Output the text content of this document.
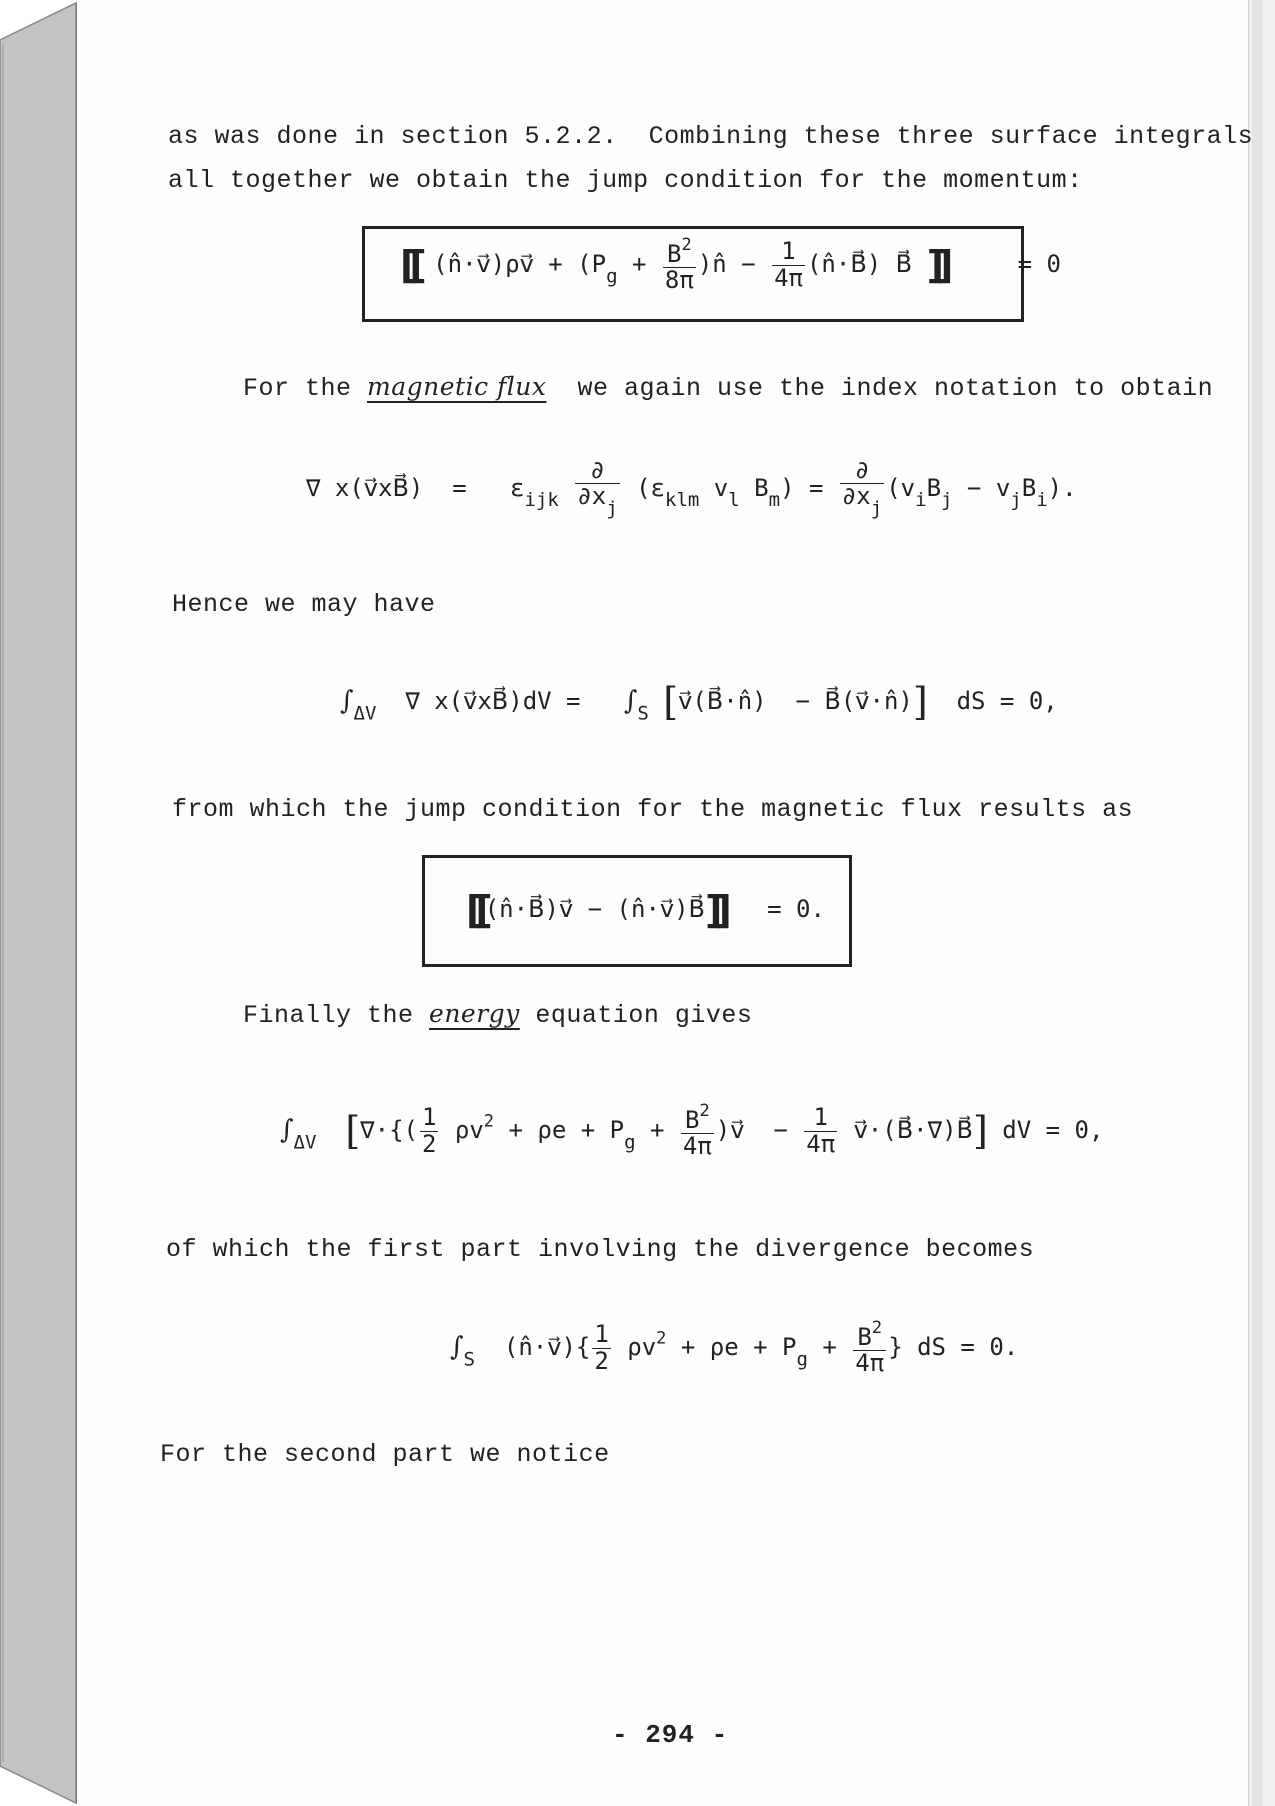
as was done in section 5.2.2.  Combining these three surface integrals
all together we obtain the jump condition for the momentum:
[[ (n̂·v⃗)ρv⃗ + ($P_g + \frac{B^2}{8\pi}$ )n̂ − $\frac{1}{4\pi}$ (n̂·B⃗) B⃗ ]]     = 0
For the magnetic flux  we again use the index notation to obtain
∇ x(v⃗xB⃗)  =   $\varepsilon_{ijk} \frac{\partial}{\partial x_j} (\varepsilon_{klm}$ $v_l$ $B_m) = \frac{\partial}{\partial x_j} (v_iB_j - v_jB_i)$.
Hence we may have
$\int_{\Delta V}$  ∇ x(v⃗xB⃗)dV =   $\int_S$ [v⃗(B⃗·n̂)  − B⃗(v⃗·n̂)]  dS = 0,
from which the jump condition for the magnetic flux results as
[[(n̂·B⃗)v⃗ − (n̂·v⃗)B⃗]]   = 0.
Finally the energy equation gives
$\int_{\Delta V}$ [∇·{( $\frac{1}{2} \rho v^2 + \rho e + P_g + \frac{B^2}{4\pi}$ )v⃗  − $\frac{1}{4\pi}$ v⃗·(B⃗·∇)B⃗] dV = 0,
of which the first part involving the divergence becomes
$\int_S$  (n̂·v⃗){ $\frac{1}{2} \rho v^2 + \rho e + P_g + \frac{B^2}{4\pi}$ } dS = 0.
For the second part we notice
- 294 -
